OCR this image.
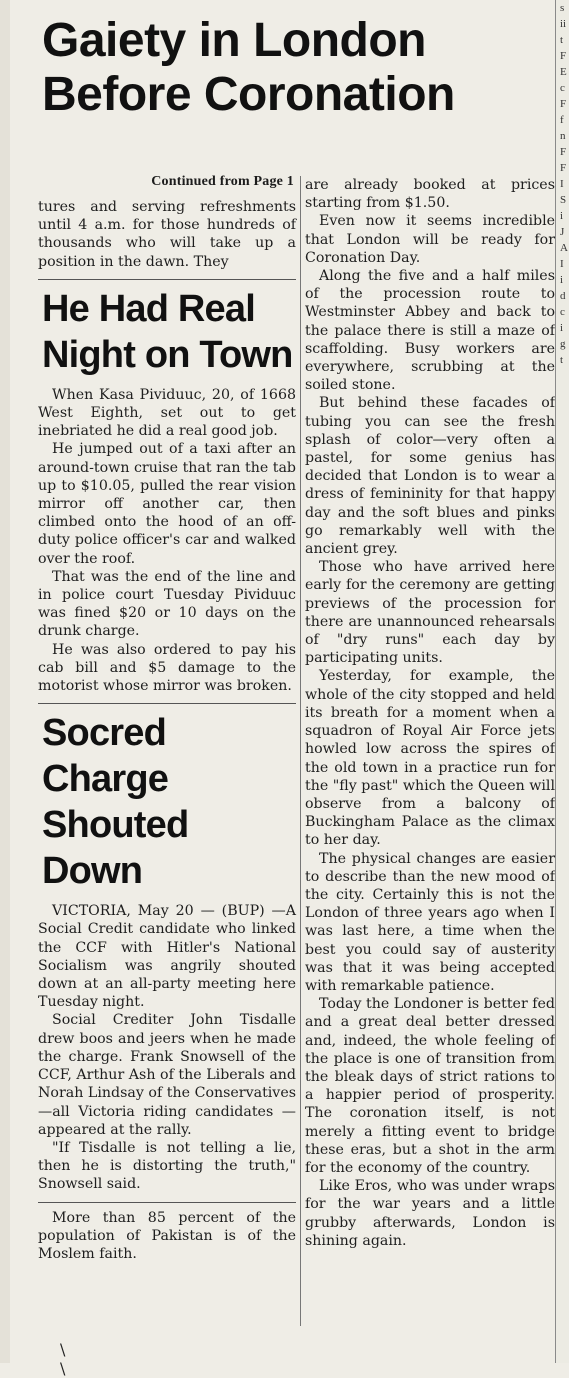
Gaiety in London Before Coronation

Continued from Page 1

tures and serving refreshments until 4 a.m. for those hundreds of thousands who will take up a position in the dawn. They

He Had Real Night on Town

When Kasa Pividuuc, 20, of 1668 West Eighth, set out to get inebriated he did a real good job.

He jumped out of a taxi after an around-town cruise that ran the tab up to $10.05, pulled the rear vision mirror off another car, then climbed onto the hood of an off-duty police officer's car and walked over the roof.

That was the end of the line and in police court Tuesday Pividuuc was fined $20 or 10 days on the drunk charge.

He was also ordered to pay his cab bill and $5 damage to the motorist whose mirror was broken.

Socred Charge Shouted Down

VICTORIA, May 20 — (BUP) —A Social Credit candidate who linked the CCF with Hitler's National Socialism was angrily shouted down at an all-party meeting here Tuesday night.

Social Crediter John Tisdalle drew boos and jeers when he made the charge. Frank Snowsell of the CCF, Arthur Ash of the Liberals and Norah Lindsay of the Conservatives—all Victoria riding candidates — appeared at the rally.

"If Tisdalle is not telling a lie, then he is distorting the truth," Snowsell said.

More than 85 percent of the population of Pakistan is of the Moslem faith.

are already booked at prices starting from $1.50.

Even now it seems incredible that London will be ready for Coronation Day.

Along the five and a half miles of the procession route to Westminster Abbey and back to the palace there is still a maze of scaffolding. Busy workers are everywhere, scrubbing at the soiled stone.

But behind these facades of tubing you can see the fresh splash of color—very often a pastel, for some genius has decided that London is to wear a dress of femininity for that happy day and the soft blues and pinks go remarkably well with the ancient grey.

Those who have arrived here early for the ceremony are getting previews of the procession for there are unannounced rehearsals of "dry runs" each day by participating units.

Yesterday, for example, the whole of the city stopped and held its breath for a moment when a squadron of Royal Air Force jets howled low across the spires of the old town in a practice run for the "fly past" which the Queen will observe from a balcony of Buckingham Palace as the climax to her day.

The physical changes are easier to describe than the new mood of the city. Certainly this is not the London of three years ago when I was last here, a time when the best you could say of austerity was that it was being accepted with remarkable patience.

Today the Londoner is better fed and a great deal better dressed and, indeed, the whole feeling of the place is one of transition from the bleak days of strict rations to a happier period of prosperity. The coronation itself, is not merely a fitting event to bridge these eras, but a shot in the arm for the economy of the country.

Like Eros, who was under wraps for the war years and a little grubby afterwards, London is shining again.

s
ii
t
F
E
c
F
f
n
F
F
I
S
i
J
A
I
i
d
c
i
g
t
\ \
